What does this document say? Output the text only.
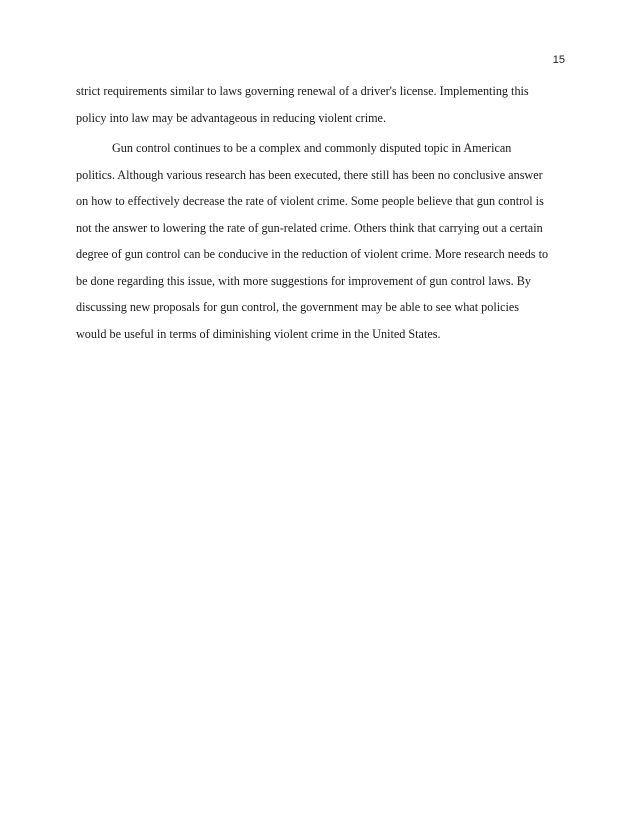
15
strict requirements similar to laws governing renewal of a driver's license. Implementing this
policy into law may be advantageous in reducing violent crime.
Gun control continues to be a complex and commonly disputed topic in American
politics. Although various research has been executed, there still has been no conclusive answer
on how to effectively decrease the rate of violent crime. Some people believe that gun control is
not the answer to lowering the rate of gun-related crime. Others think that carrying out a certain
degree of gun control can be conducive in the reduction of violent crime. More research needs to
be done regarding this issue, with more suggestions for improvement of gun control laws. By
discussing new proposals for gun control, the government may be able to see what policies
would be useful in terms of diminishing violent crime in the United States.
